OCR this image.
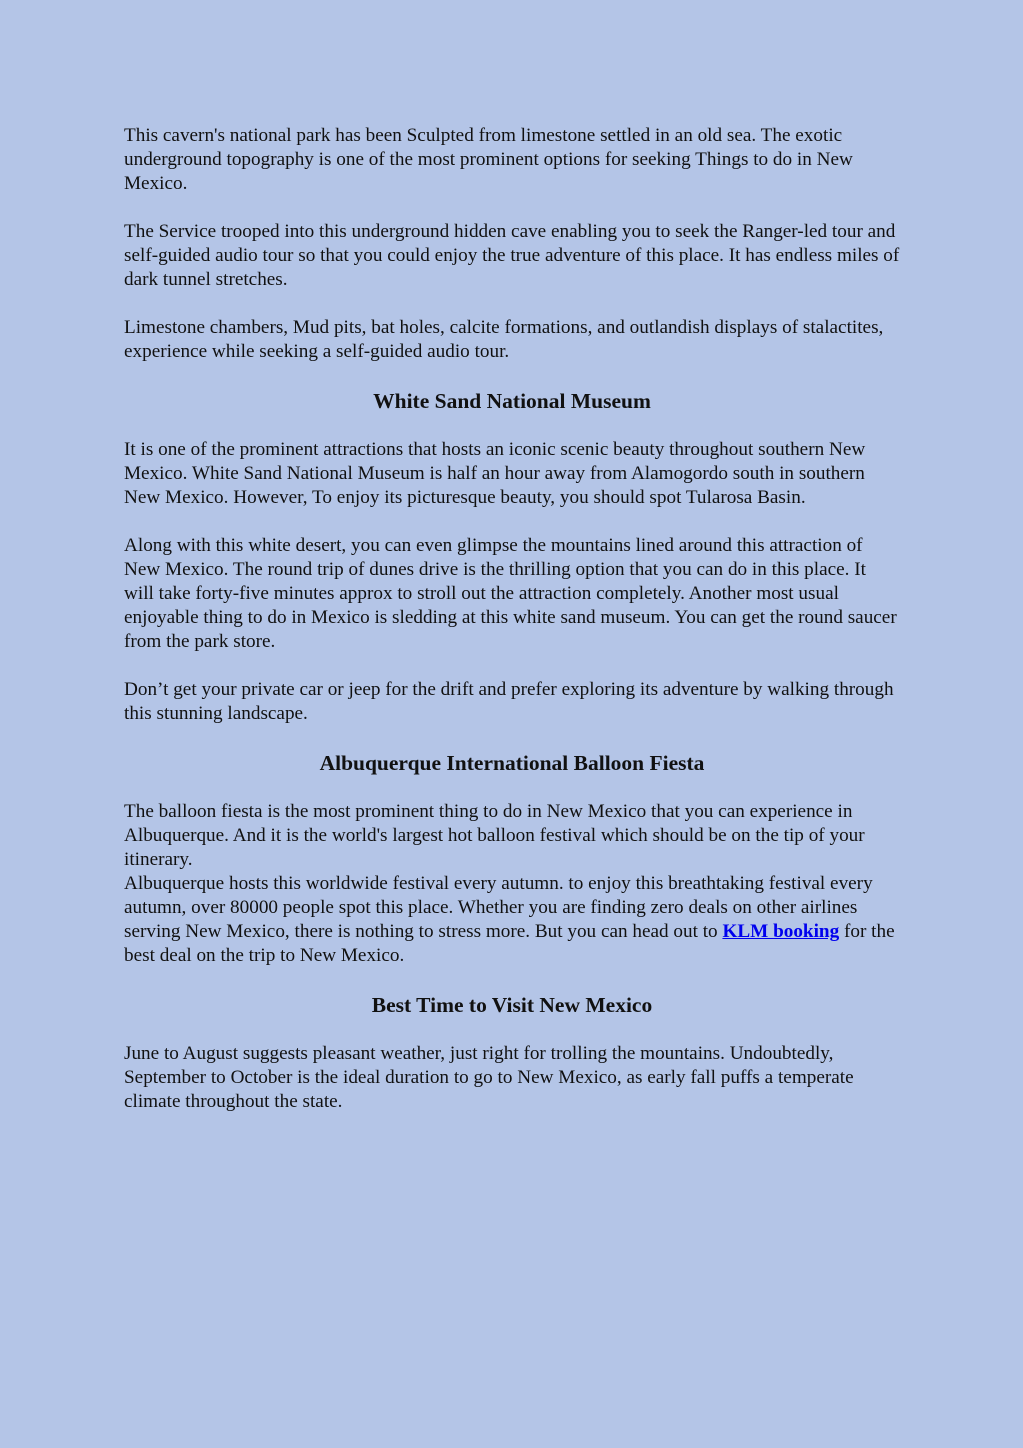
This cavern's national park has been Sculpted from limestone settled in an old sea. The exotic underground topography is one of the most prominent options for seeking Things to do in New Mexico.

The Service trooped into this underground hidden cave enabling you to seek the Ranger-led tour and self-guided audio tour so that you could enjoy the true adventure of this place. It has endless miles of dark tunnel stretches.

Limestone chambers, Mud pits, bat holes, calcite formations, and outlandish displays of stalactites, experience while seeking a self-guided audio tour.

White Sand National Museum

It is one of the prominent attractions that hosts an iconic scenic beauty throughout southern New Mexico. White Sand National Museum is half an hour away from Alamogordo south in southern New Mexico. However, To enjoy its picturesque beauty, you should spot Tularosa Basin.

Along with this white desert, you can even glimpse the mountains lined around this attraction of New Mexico. The round trip of dunes drive is the thrilling option that you can do in this place. It will take forty-five minutes approx to stroll out the attraction completely. Another most usual enjoyable thing to do in Mexico is sledding at this white sand museum. You can get the round saucer from the park store.

Don’t get your private car or jeep for the drift and prefer exploring its adventure by walking through this stunning landscape.

Albuquerque International Balloon Fiesta

The balloon fiesta is the most prominent thing to do in New Mexico that you can experience in Albuquerque. And it is the world's largest hot balloon festival which should be on the tip of your itinerary.

Albuquerque hosts this worldwide festival every autumn. to enjoy this breathtaking festival every autumn, over 80000 people spot this place. Whether you are finding zero deals on other airlines serving New Mexico, there is nothing to stress more. But you can head out to KLM booking for the best deal on the trip to New Mexico.

Best Time to Visit New Mexico

June to August suggests pleasant weather, just right for trolling the mountains. Undoubtedly, September to October is the ideal duration to go to New Mexico, as early fall puffs a temperate climate throughout the state.
